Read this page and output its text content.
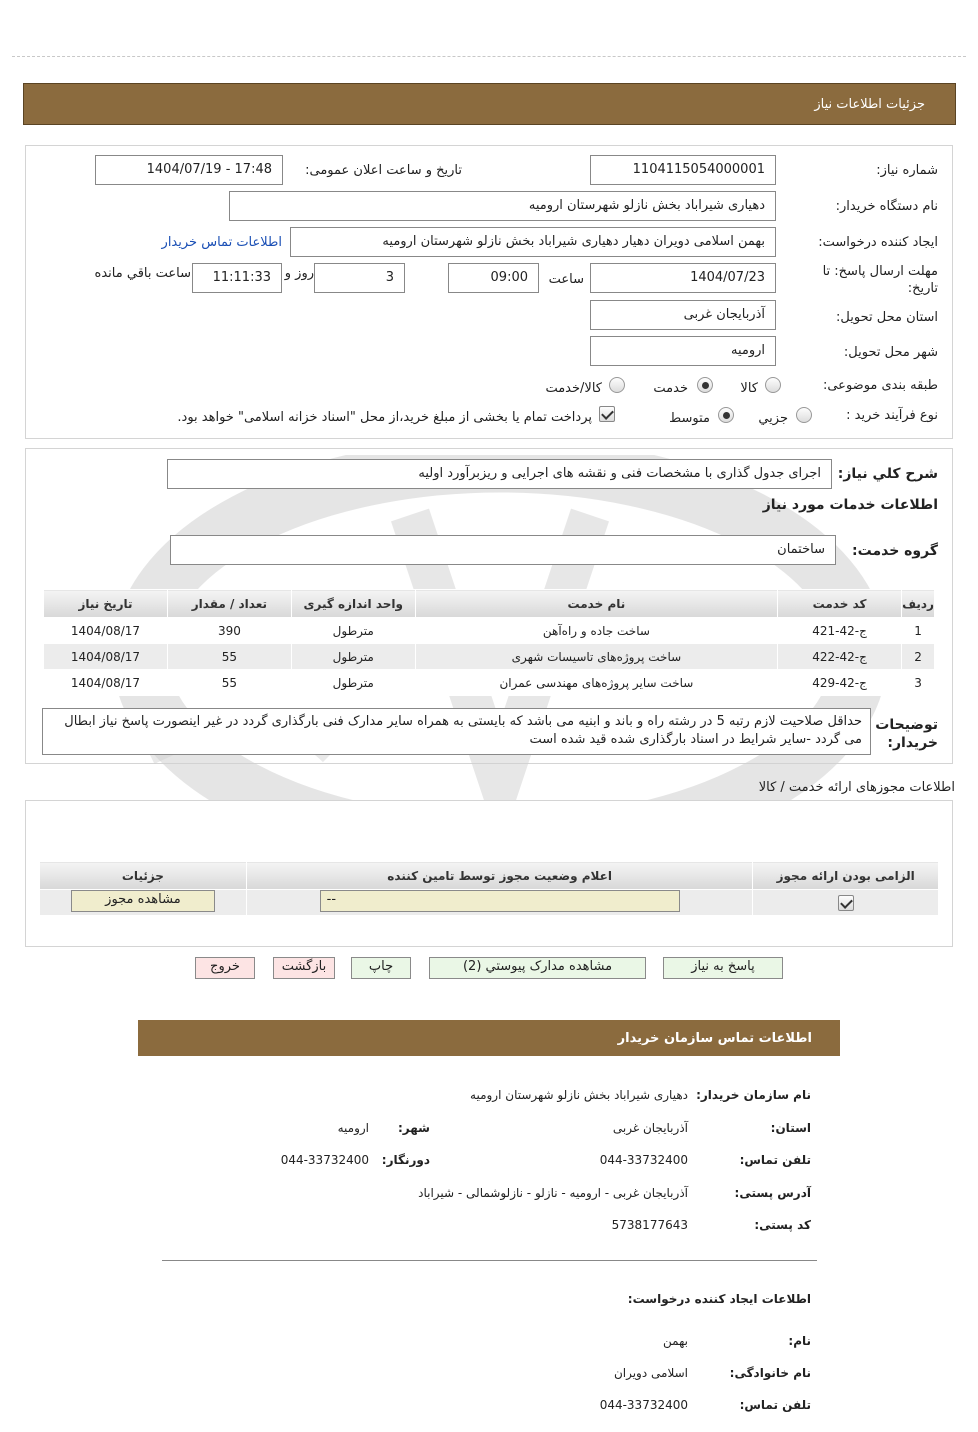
جزئیات اطلاعات نیاز
شماره نیاز:
1104115054000001
تاریخ و ساعت اعلان عمومی:
1404/07/19 - 17:48
نام دستگاه خریدار:
دهیاری شیراباد بخش نازلو شهرستان ارومیه
ایجاد کننده درخواست:
بهمن اسلامی دویران دهیار دهیاری شیراباد بخش نازلو شهرستان ارومیه
اطلاعات تماس خریدار
مهلت ارسال پاسخ: تا
تاریخ:
1404/07/23
ساعت
09:00
3
روز و
11:11:33
ساعت باقي مانده
استان محل تحویل:
آذربایجان غربی
شهر محل تحویل:
ارومیه
طبقه بندی موضوعی:
کالا
خدمت
کالا/خدمت
نوع فرآیند خرید :
جزیي
متوسط
پرداخت تمام یا بخشی از مبلغ خرید،از محل "اسناد خزانه اسلامی" خواهد بود.
شرح کلي نیاز:
اجرای جدول گذاری با مشخصات فنی و نقشه های اجرایی و ریزبرآورد اولیه
اطلاعات خدمات مورد نیاز
گروه خدمت:
ساختمان
ردیف	کد خدمت	نام خدمت	واحد اندازه گیری	تعداد / مقدار	تاریخ نیاز
1	ج-42-421	ساخت جاده و راه‌آهن	مترطول	390	1404/08/17
2	ج-42-422	ساخت پروژه‌های تاسیسات شهری	مترطول	55	1404/08/17
3	ج-42-429	ساخت سایر پروژه‌های مهندسی عمران	مترطول	55	1404/08/17
توضیحات
خریدار:
حداقل صلاحیت لازم رتبه 5 در رشته راه و باند و ابنیه می باشد که بایستی به همراه سایر مدارک فنی بارگذاری گردد در غیر اینصورت پاسخ نیاز ابطال می گردد -سایر شرایط در اسناد بارگذاری شده قید شده است
اطلاعات مجوزهای ارائه خدمت / کالا
الزامی بودن ارائه مجوز	اعلام وضعیت مجوز توسط تامین کننده	جزئیات
	--	مشاهده مجوز
پاسخ به نیاز
مشاهده مدارک پیوستي (2)
چاپ
بازگشت
خروج
اطلاعات تماس سازمان خریدار
نام سازمان خریدار:
دهیاری شیراباد بخش نازلو شهرستان ارومیه
استان:
آذربایجان غربی
شهر:
ارومیه
تلفن تماس:
044-33732400
دورنگار:
044-33732400
آدرس پستی:
آذربایجان غربی - ارومیه - نازلو - نازلوشمالی - شیراباد
کد پستی:
5738177643
اطلاعات ایجاد کننده درخواست:
نام:
بهمن
نام خانوادگی:
اسلامی دویران
تلفن تماس:
044-33732400
